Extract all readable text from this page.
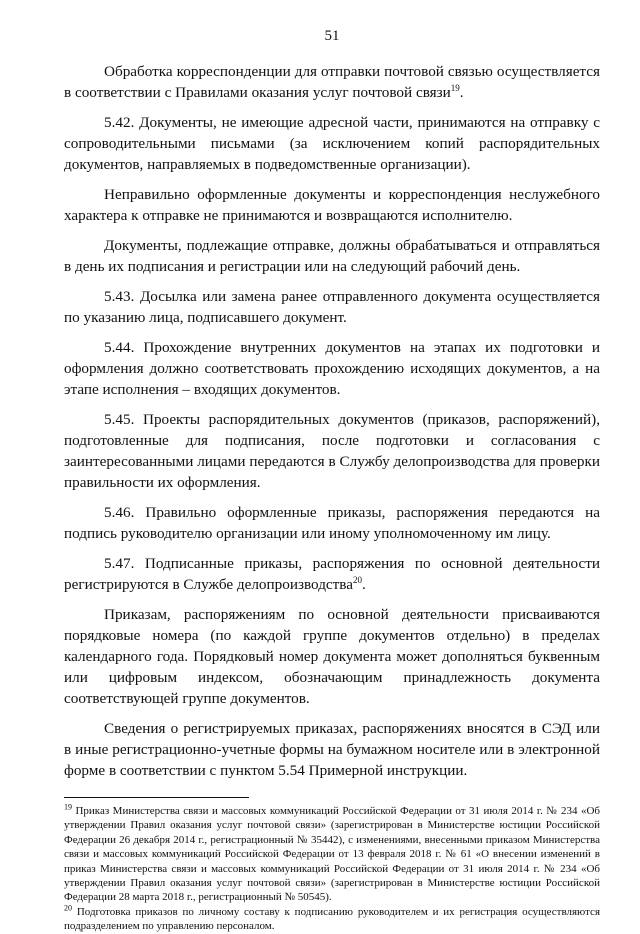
51

Обработка корреспонденции для отправки почтовой связью осуществляется в соответствии с Правилами оказания услуг почтовой связи$^{19}$.

5.42. Документы, не имеющие адресной части, принимаются на отправку с сопроводительными письмами (за исключением копий распорядительных документов, направляемых в подведомственные организации).

Неправильно оформленные документы и корреспонденция неслужебного характера к отправке не принимаются и возвращаются исполнителю.

Документы, подлежащие отправке, должны обрабатываться и отправляться в день их подписания и регистрации или на следующий рабочий день.

5.43. Досылка или замена ранее отправленного документа осуществляется по указанию лица, подписавшего документ.

5.44. Прохождение внутренних документов на этапах их подготовки и оформления должно соответствовать прохождению исходящих документов, а на этапе исполнения – входящих документов.

5.45. Проекты распорядительных документов (приказов, распоряжений), подготовленные для подписания, после подготовки и согласования с заинтересованными лицами передаются в Службу делопроизводства для проверки правильности их оформления.

5.46. Правильно оформленные приказы, распоряжения передаются на подпись руководителю организации или иному уполномоченному им лицу.

5.47. Подписанные приказы, распоряжения по основной деятельности регистрируются в Службе делопроизводства$^{20}$.

Приказам, распоряжениям по основной деятельности присваиваются порядковые номера (по каждой группе документов отдельно) в пределах календарного года. Порядковый номер документа может дополняться буквенным или цифровым индексом, обозначающим принадлежность документа соответствующей группе документов.

Сведения о регистрируемых приказах, распоряжениях вносятся в СЭД или в иные регистрационно-учетные формы на бумажном носителе или в электронной форме в соответствии с пунктом 5.54 Примерной инструкции.

$^{19}$ Приказ Министерства связи и массовых коммуникаций Российской Федерации от 31 июля 2014 г. № 234 «Об утверждении Правил оказания услуг почтовой связи» (зарегистрирован в Министерстве юстиции Российской Федерации 26 декабря 2014 г., регистрационный № 35442), с изменениями, внесенными приказом Министерства связи и массовых коммуникаций Российской Федерации от 13 февраля 2018 г. № 61 «О внесении изменений в приказ Министерства связи и массовых коммуникаций Российской Федерации от 31 июля 2014 г. № 234 «Об утверждении Правил оказания услуг почтовой связи» (зарегистрирован в Министерстве юстиции Российской Федерации 28 марта 2018 г., регистрационный № 50545).

$^{20}$ Подготовка приказов по личному составу к подписанию руководителем и их регистрация осуществляются подразделением по управлению персоналом.
